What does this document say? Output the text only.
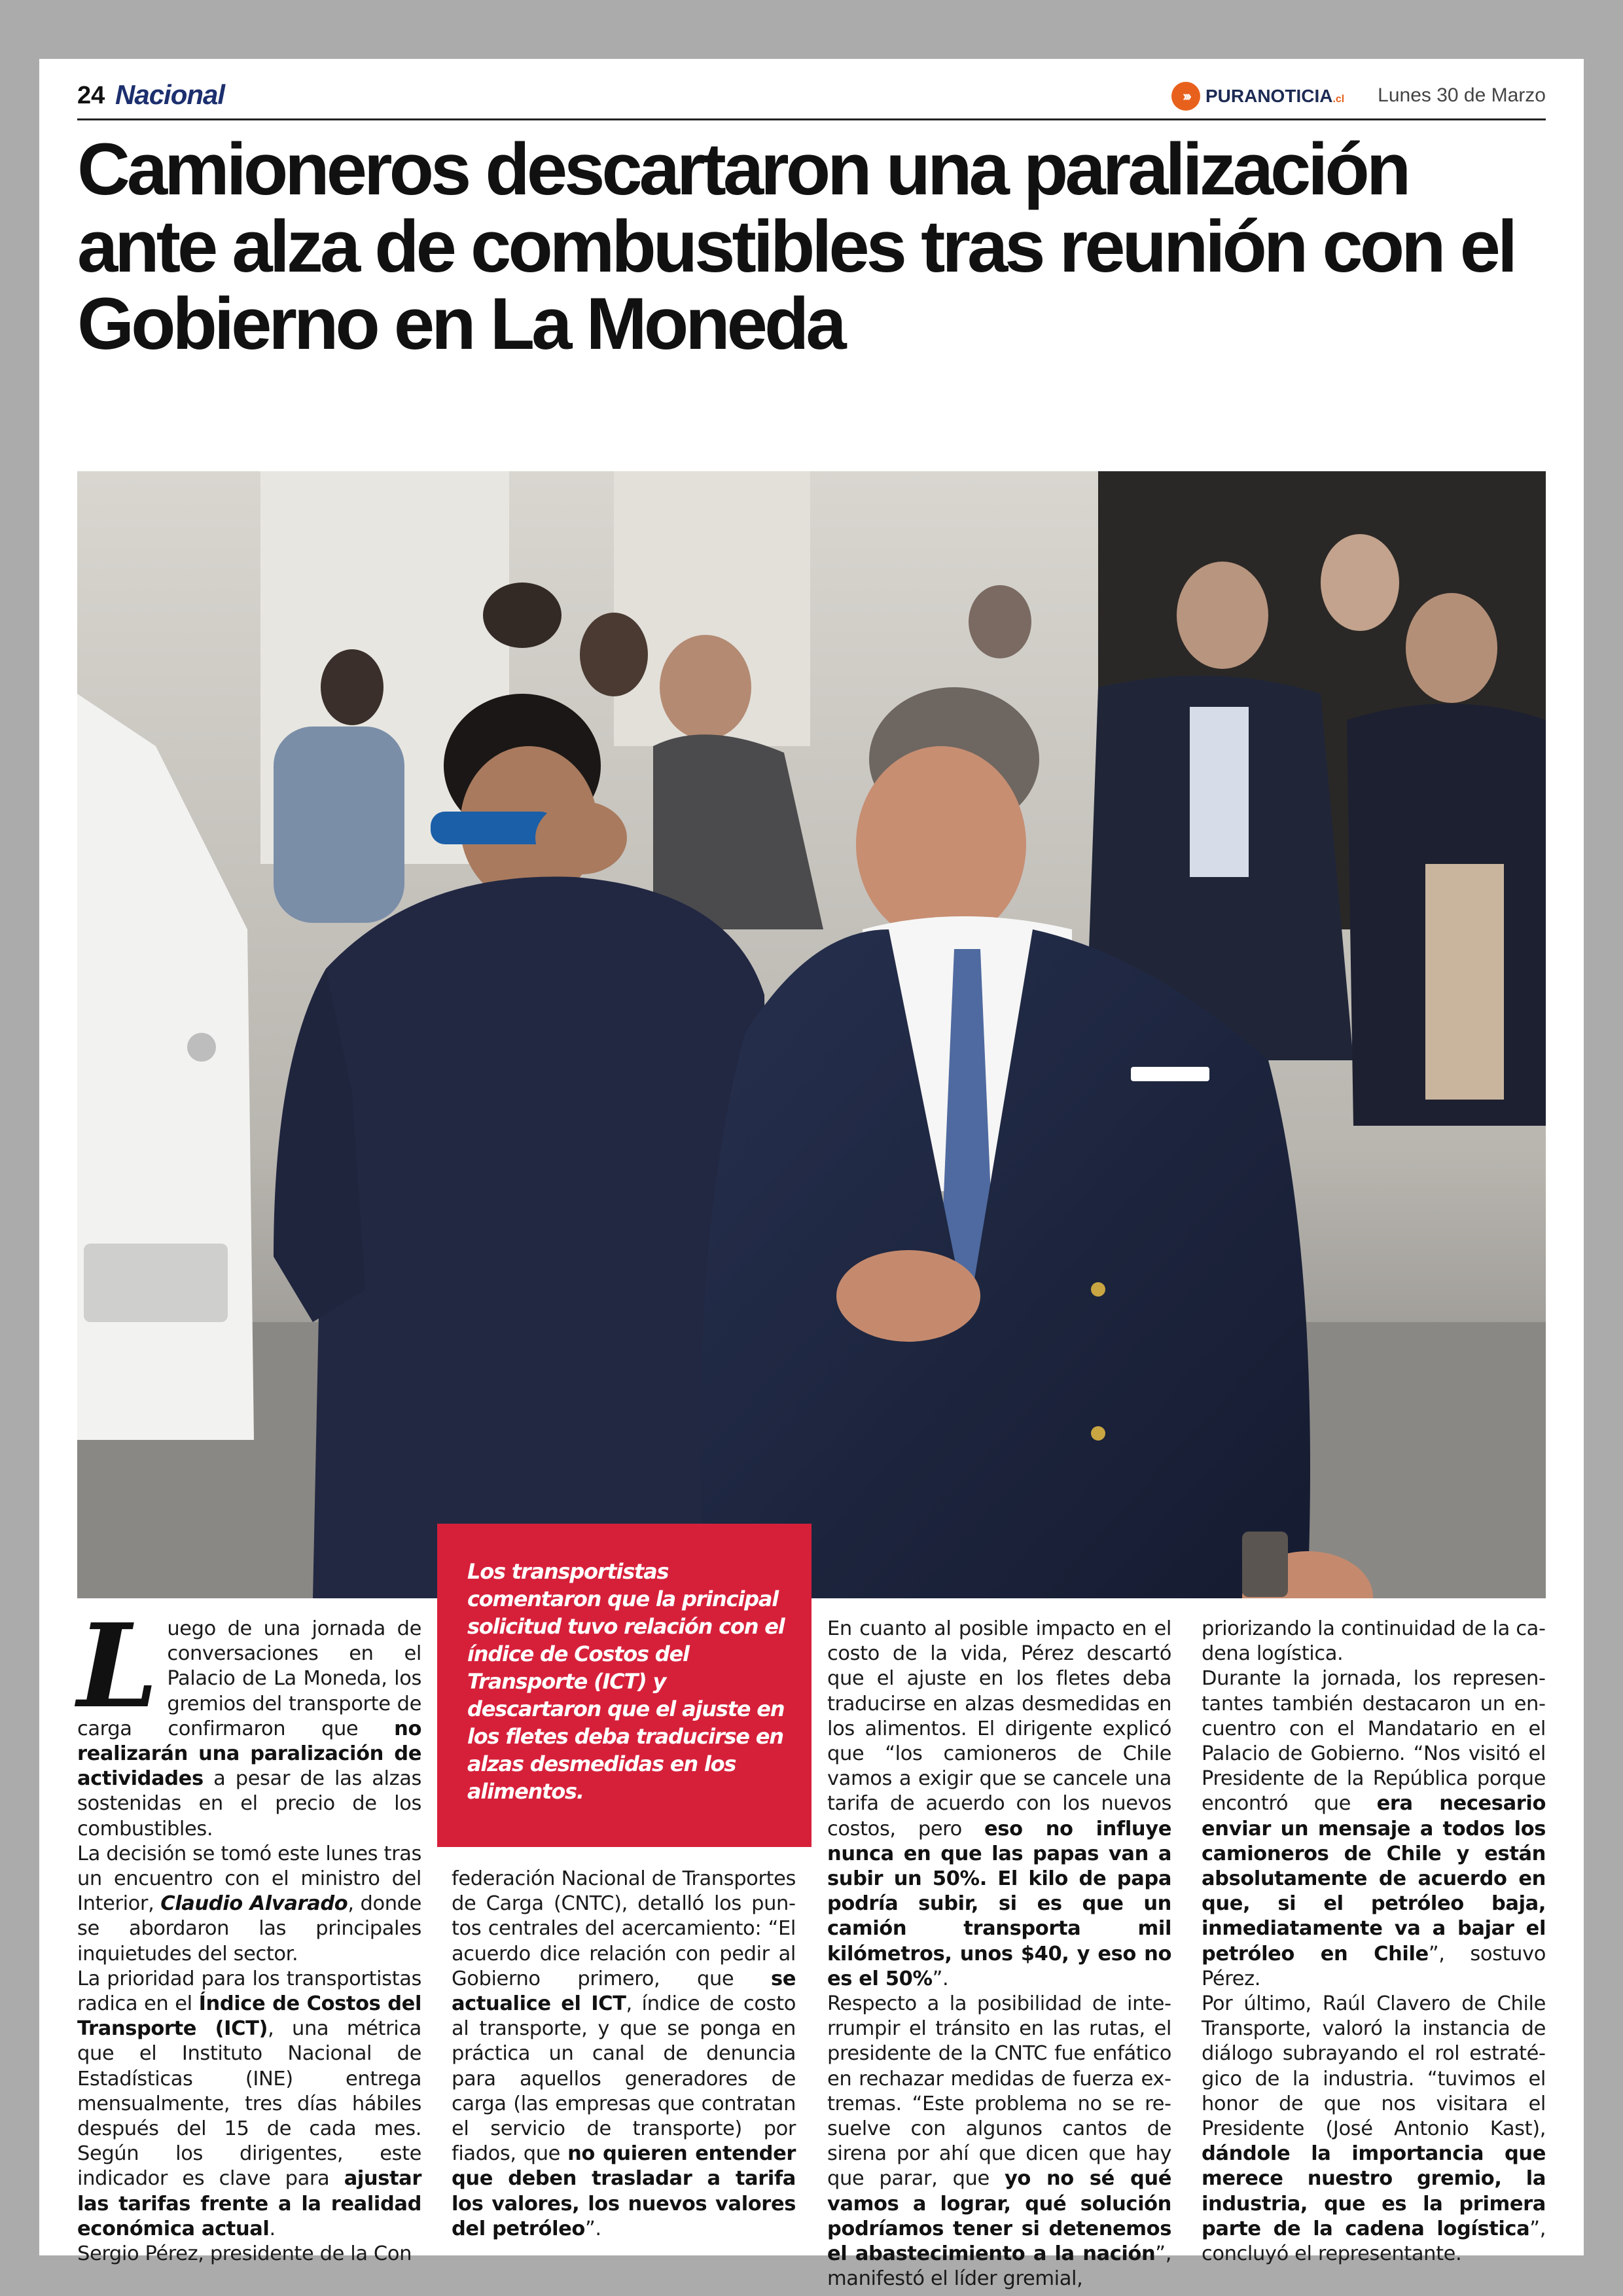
24 Nacional	››› PURANOTICIA.cl Lunes 30 de Marzo
Camioneros descartaron una paralización ante alza de combustibles tras reunión con el Gobierno en La Moneda
Los transportistas comentaron que la principal solicitud tuvo relación con el índice de Costos del Transporte (ICT) y descartaron que el ajuste en los fletes deba traducirse en alzas desmedidas en los alimentos.

Luego de una jornada de conversaciones en el Palacio de La Moneda, los gremios del transporte de carga confirmaron que no realizarán una paralización de actividades a pesar de las alzas sostenidas en el precio de los combustibles.

La decisión se tomó este lunes tras un encuentro con el ministro del Interior, Claudio Alvarado, donde se abordaron las principales inquietudes del sector.

La prioridad para los transportistas radica en el Índice de Costos del Transporte (ICT), una métrica que el Instituto Nacional de Estadísticas (INE) entrega mensualmente, tres días hábiles después del 15 de cada mes. Según los dirigentes, este indicador es clave para ajustar las tarifas frente a la realidad económica actual.

Sergio Pérez, presidente de la Con

federación Nacional de Transportes de Carga (CNTC), detalló los puntos centrales del acercamiento: “El acuerdo dice relación con pedir al Gobierno primero, que se actualice el ICT, índice de costo al transporte, y que se ponga en práctica un canal de denuncia para aquellos generadores de carga (las empresas que contratan el servicio de transporte) por fiados, que no quieren entender que deben trasladar a tarifa los valores, los nuevos valores del petróleo”.

En cuanto al posible impacto en el costo de la vida, Pérez descartó que el ajuste en los fletes deba traducirse en alzas desmedidas en los alimentos. El dirigente explicó que “los camioneros de Chile vamos a exigir que se cancele una tarifa de acuerdo con los nuevos costos, pero eso no influye nunca en que las papas van a subir un 50%. El kilo de papa podría subir, si es que un camión transporta mil kilómetros, unos $40, y eso no es el 50%”.

Respecto a la posibilidad de interrumpir el tránsito en las rutas, el presidente de la CNTC fue enfático en rechazar medidas de fuerza extremas. “Este problema no se resuelve con algunos cantos de sirena por ahí que dicen que hay que parar, que yo no sé qué vamos a lograr, qué solución podríamos tener si detenemos el abastecimiento a la nación”, manifestó el líder gremial,

priorizando la continuidad de la cadena logística.

Durante la jornada, los representantes también destacaron un encuentro con el Mandatario en el Palacio de Gobierno. “Nos visitó el Presidente de la República porque encontró que era necesario enviar un mensaje a todos los camioneros de Chile y están absolutamente de acuerdo en que, si el petróleo baja, inmediatamente va a bajar el petróleo en Chile”, sostuvo Pérez.

Por último, Raúl Clavero de Chile Transporte, valoró la instancia de diálogo subrayando el rol estratégico de la industria. “tuvimos el honor de que nos visitara el Presidente (José Antonio Kast), dándole la importancia que merece nuestro gremio, la industria, que es la primera parte de la cadena logística”, concluyó el representante.
